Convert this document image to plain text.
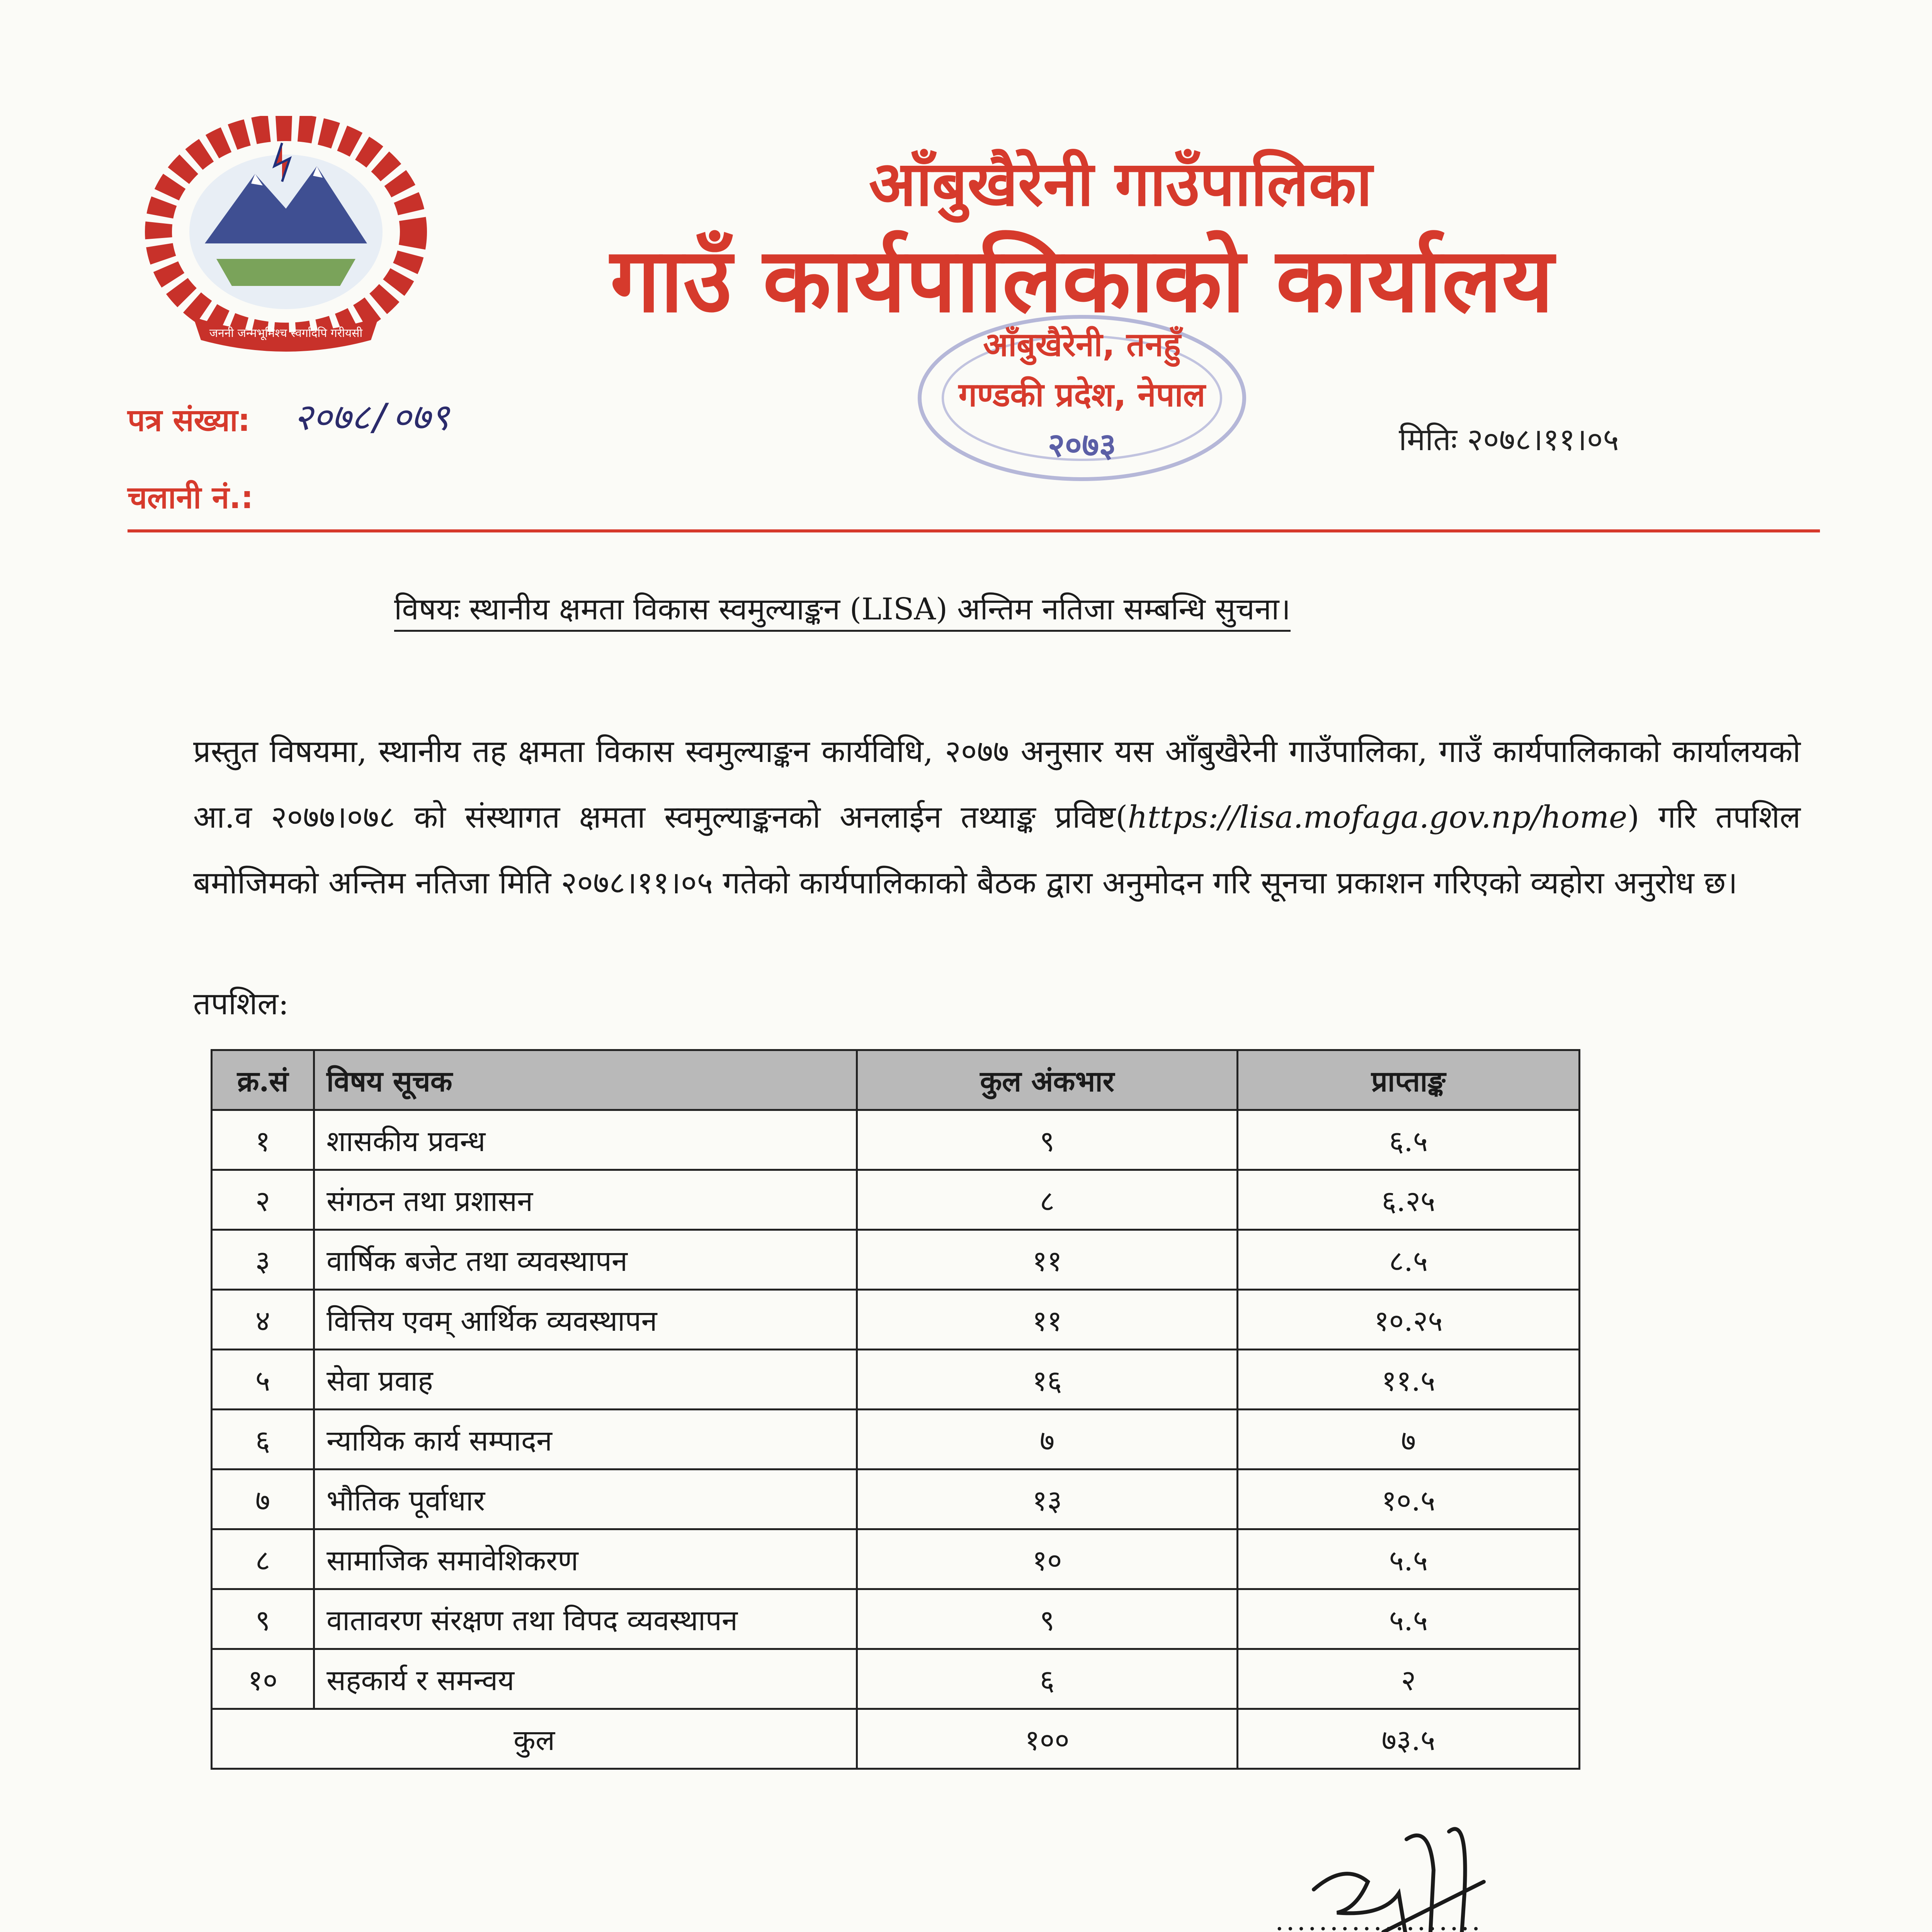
जननी जन्मभूमिश्च स्वर्गादपि गरीयसी
आँबुखैरेनी गाउँपालिका
गाउँ कार्यपालिकाको कार्यालय
आँबुखैरेनी, तनहुँ
गण्डकी प्रदेश, नेपाल
२०७३
पत्र संख्या: २०७८/०७९
चलानी नं.:
मितिः २०७८।११।०५
विषयः स्थानीय क्षमता विकास स्वमुल्याङ्कन (LISA) अन्तिम नतिजा सम्बन्धि सुचना।
प्रस्तुत विषयमा, स्थानीय तह क्षमता विकास स्वमुल्याङ्कन कार्यविधि, २०७७ अनुसार यस आँबुखैरेनी गाउँपालिका, गाउँ कार्यपालिकाको कार्यालयको आ.व २०७७।०७८ को संस्थागत क्षमता स्वमुल्याङ्कनको अनलाईन तथ्याङ्क प्रविष्ट(https://lisa.mofaga.gov.np/home) गरि तपशिल बमोजिमको अन्तिम नतिजा मिति २०७८।११।०५ गतेको कार्यपालिकाको बैठक द्वारा अनुमोदन गरि सूनचा प्रकाशन गरिएको व्यहोरा अनुरोध छ।
तपशिल:
क्र.सं	विषय सूचक	कुल अंकभार	प्राप्ताङ्क
१	शासकीय प्रवन्ध	९	६.५
२	संगठन तथा प्रशासन	८	६.२५
३	वार्षिक बजेट तथा व्यवस्थापन	११	८.५
४	वित्तिय एवम् आर्थिक व्यवस्थापन	११	१०.२५
५	सेवा प्रवाह	१६	११.५
६	न्यायिक कार्य सम्पादन	७	७
७	भौतिक पूर्वाधार	१३	१०.५
८	सामाजिक समावेशिकरण	१०	५.५
९	वातावरण संरक्षण तथा विपद व्यवस्थापन	९	५.५
१०	सहकार्य र समन्वय	६	२
कुल		१००	७३.५
...................
